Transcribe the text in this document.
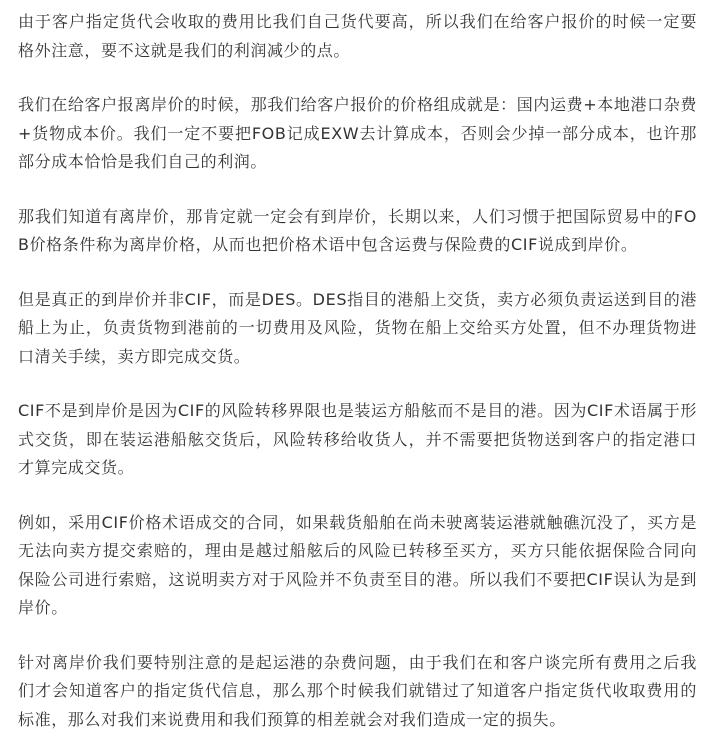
由于客户指定货代会收取的费用比我们自己货代要高，所以我们在给客户报价的时候一定要格外注意，要不这就是我们的利润减少的点。

我们在给客户报离岸价的时候，那我们给客户报价的价格组成就是：国内运费+本地港口杂费+货物成本价。我们一定不要把FOB记成EXW去计算成本，否则会少掉一部分成本，也许那部分成本恰恰是我们自己的利润。

那我们知道有离岸价，那肯定就一定会有到岸价，长期以来，人们习惯于把国际贸易中的FOB价格条件称为离岸价格，从而也把价格术语中包含运费与保险费的CIF说成到岸价。

但是真正的到岸价并非CIF，而是DES。DES指目的港船上交货，卖方必须负责运送到目的港船上为止，负责货物到港前的一切费用及风险，货物在船上交给买方处置，但不办理货物进口清关手续，卖方即完成交货。

CIF不是到岸价是因为CIF的风险转移界限也是装运方船舷而不是目的港。因为CIF术语属于形式交货，即在装运港船舷交货后，风险转移给收货人，并不需要把货物送到客户的指定港口才算完成交货。

例如，采用CIF价格术语成交的合同，如果载货船舶在尚未驶离装运港就触礁沉没了，买方是无法向卖方提交索赔的，理由是越过船舷后的风险已转移至买方，买方只能依据保险合同向保险公司进行索赔，这说明卖方对于风险并不负责至目的港。所以我们不要把CIF误认为是到岸价。

针对离岸价我们要特别注意的是起运港的杂费问题，由于我们在和客户谈完所有费用之后我们才会知道客户的指定货代信息，那么那个时候我们就错过了知道客户指定货代收取费用的标准，那么对我们来说费用和我们预算的相差就会对我们造成一定的损失。
